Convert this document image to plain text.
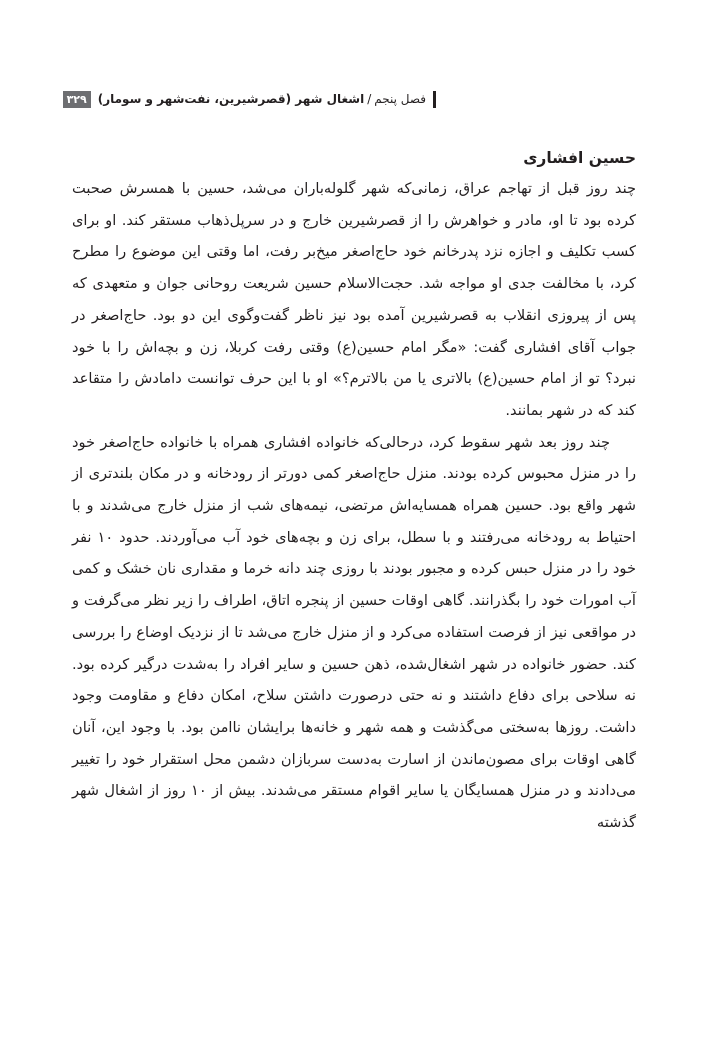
فصل پنجم
/
اشغال شهر (قصرشیرین، نفت‌شهر و سومار)
۳۲۹
حسین افشاری

چند روز قبل از تهاجم عراق، زمانی‌که شهر گلوله‌باران می‌شد، حسین با همسرش صحبت کرده بود تا او، مادر و خواهرش را از قصرشیرین خارج و در سرپل‌ذهاب مستقر کند. او برای کسب تکلیف و اجازه نزد پدرخانم خود حاج‌اصغر میخ‌بر رفت، اما وقتی این موضوع را مطرح کرد، با مخالفت جدی او مواجه شد. حجت‌الاسلام حسین شریعت روحانی جوان و متعهدی که پس از پیروزی انقلاب به قصرشیرین آمده بود نیز ناظر گفت‌وگوی این دو بود. حاج‌اصغر در جواب آقای افشاری گفت: «مگر امام حسین(ع) وقتی رفت کربلا، زن و بچه‌اش را با خود نبرد؟ تو از امام حسین(ع) بالاتری یا من بالاترم؟» او با این حرف توانست دامادش را متقاعد کند که در شهر بمانند.

چند روز بعد شهر سقوط کرد، درحالی‌که خانواده افشاری همراه با خانواده حاج‌اصغر خود را در منزل محبوس کرده بودند. منزل حاج‌اصغر کمی دورتر از رودخانه و در مکان بلندتری از شهر واقع بود. حسین همراه همسایه‌اش مرتضی، نیمه‌های شب از منزل خارج می‌شدند و با احتیاط به رودخانه می‌رفتند و با سطل، برای زن و بچه‌های خود آب می‌آوردند. حدود ۱۰ نفر خود را در منزل حبس کرده و مجبور بودند با روزی چند دانه خرما و مقداری نان خشک و کمی آب امورات خود را بگذرانند. گاهی اوقات حسین از پنجره اتاق، اطراف را زیر نظر می‌گرفت و در مواقعی نیز از فرصت استفاده می‌کرد و از منزل خارج می‌شد تا از نزدیک اوضاع را بررسی کند. حضور خانواده در شهر اشغال‌شده، ذهن حسین و سایر افراد را به‌شدت درگیر کرده بود. نه سلاحی برای دفاع داشتند و نه حتی درصورت داشتن سلاح، امکان دفاع و مقاومت وجود داشت. روزها به‌سختی می‌گذشت و همه شهر و خانه‌ها برایشان ناامن بود. با وجود این، آنان گاهی اوقات برای مصون‌ماندن از اسارت به‌دست سربازان دشمن محل استقرار خود را تغییر می‌دادند و در منزل همسایگان یا سایر اقوام مستقر می‌شدند. بیش از ۱۰ روز از اشغال شهر گذشته
